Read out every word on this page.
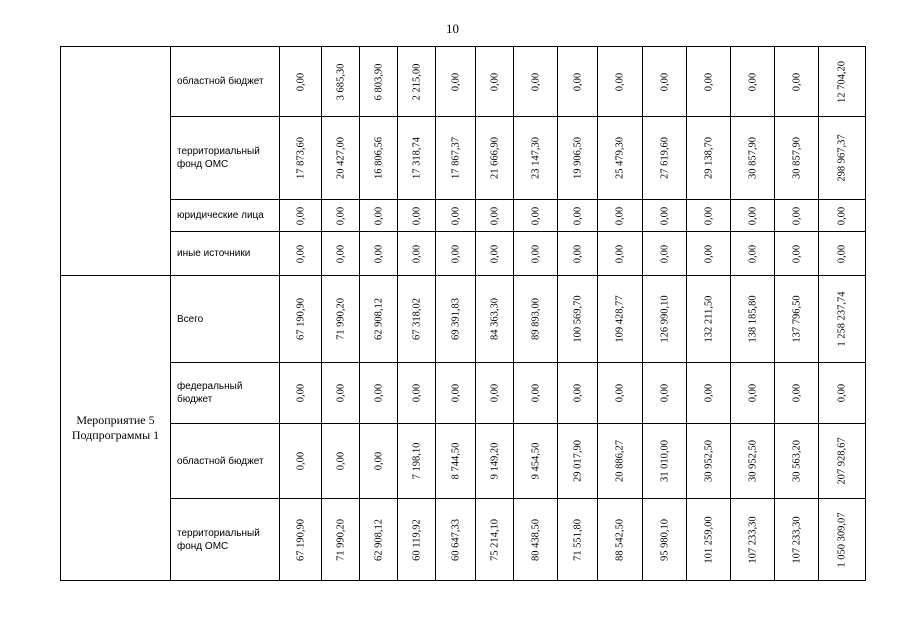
10
	областной бюджет	0,00	3 685,30	6 803,90	2 215,00	0,00	0,00	0,00	0,00	0,00	0,00	0,00	0,00	0,00	12 704,20

	территориальный фонд ОМС	17 873,60	20 427,00	16 806,56	17 318,74	17 867,37	21 666,90	23 147,30	19 906,50	25 479,30	27 619,60	29 138,70	30 857,90	30 857,90	298 967,37

	юридические лица	0,00	0,00	0,00	0,00	0,00	0,00	0,00	0,00	0,00	0,00	0,00	0,00	0,00	0,00

	иные источники	0,00	0,00	0,00	0,00	0,00	0,00	0,00	0,00	0,00	0,00	0,00	0,00	0,00	0,00

Мероприятие 5 Подпрограммы 1	Всего	67 190,90	71 990,20	62 908,12	67 318,02	69 391,83	84 363,30	89 893,00	100 569,70	109 428,77	126 990,10	132 211,50	138 185,80	137 796,50	1 258 237,74

	федеральный бюджет	0,00	0,00	0,00	0,00	0,00	0,00	0,00	0,00	0,00	0,00	0,00	0,00	0,00	0,00

	областной бюджет	0,00	0,00	0,00	7 198,10	8 744,50	9 149,20	9 454,50	29 017,90	20 886,27	31 010,00	30 952,50	30 952,50	30 563,20	207 928,67

	территориальный фонд ОМС	67 190,90	71 990,20	62 908,12	60 119,92	60 647,33	75 214,10	80 438,50	71 551,80	88 542,50	95 980,10	101 259,00	107 233,30	107 233,30	1 050 309,07
